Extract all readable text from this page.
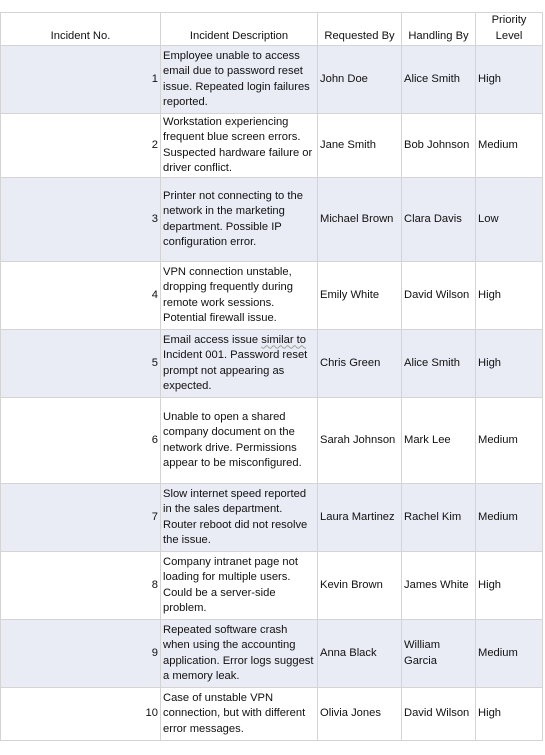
Incident No.	Incident Description	Requested By	Handling By	Priority Level
1	Employee unable to access email due to password reset issue. Repeated login failures reported.	John Doe	Alice Smith	High
2	Workstation experiencing frequent blue screen errors. Suspected hardware failure or driver conflict.	Jane Smith	Bob Johnson	Medium
3	Printer not connecting to the network in the marketing department. Possible IP configuration error.	Michael Brown	Clara Davis	Low
4	VPN connection unstable, dropping frequently during remote work sessions. Potential firewall issue.	Emily White	David Wilson	High
5	Email access issue similar to Incident 001. Password reset prompt not appearing as expected.	Chris Green	Alice Smith	High
6	Unable to open a shared company document on the network drive. Permissions appear to be misconfigured.	Sarah Johnson	Mark Lee	Medium
7	Slow internet speed reported in the sales department. Router reboot did not resolve the issue.	Laura Martinez	Rachel Kim	Medium
8	Company intranet page not loading for multiple users. Could be a server-side problem.	Kevin Brown	James White	High
9	Repeated software crash when using the accounting application. Error logs suggest a memory leak.	Anna Black	William Garcia	Medium
10	Case of unstable VPN connection, but with different error messages.	Olivia Jones	David Wilson	High
